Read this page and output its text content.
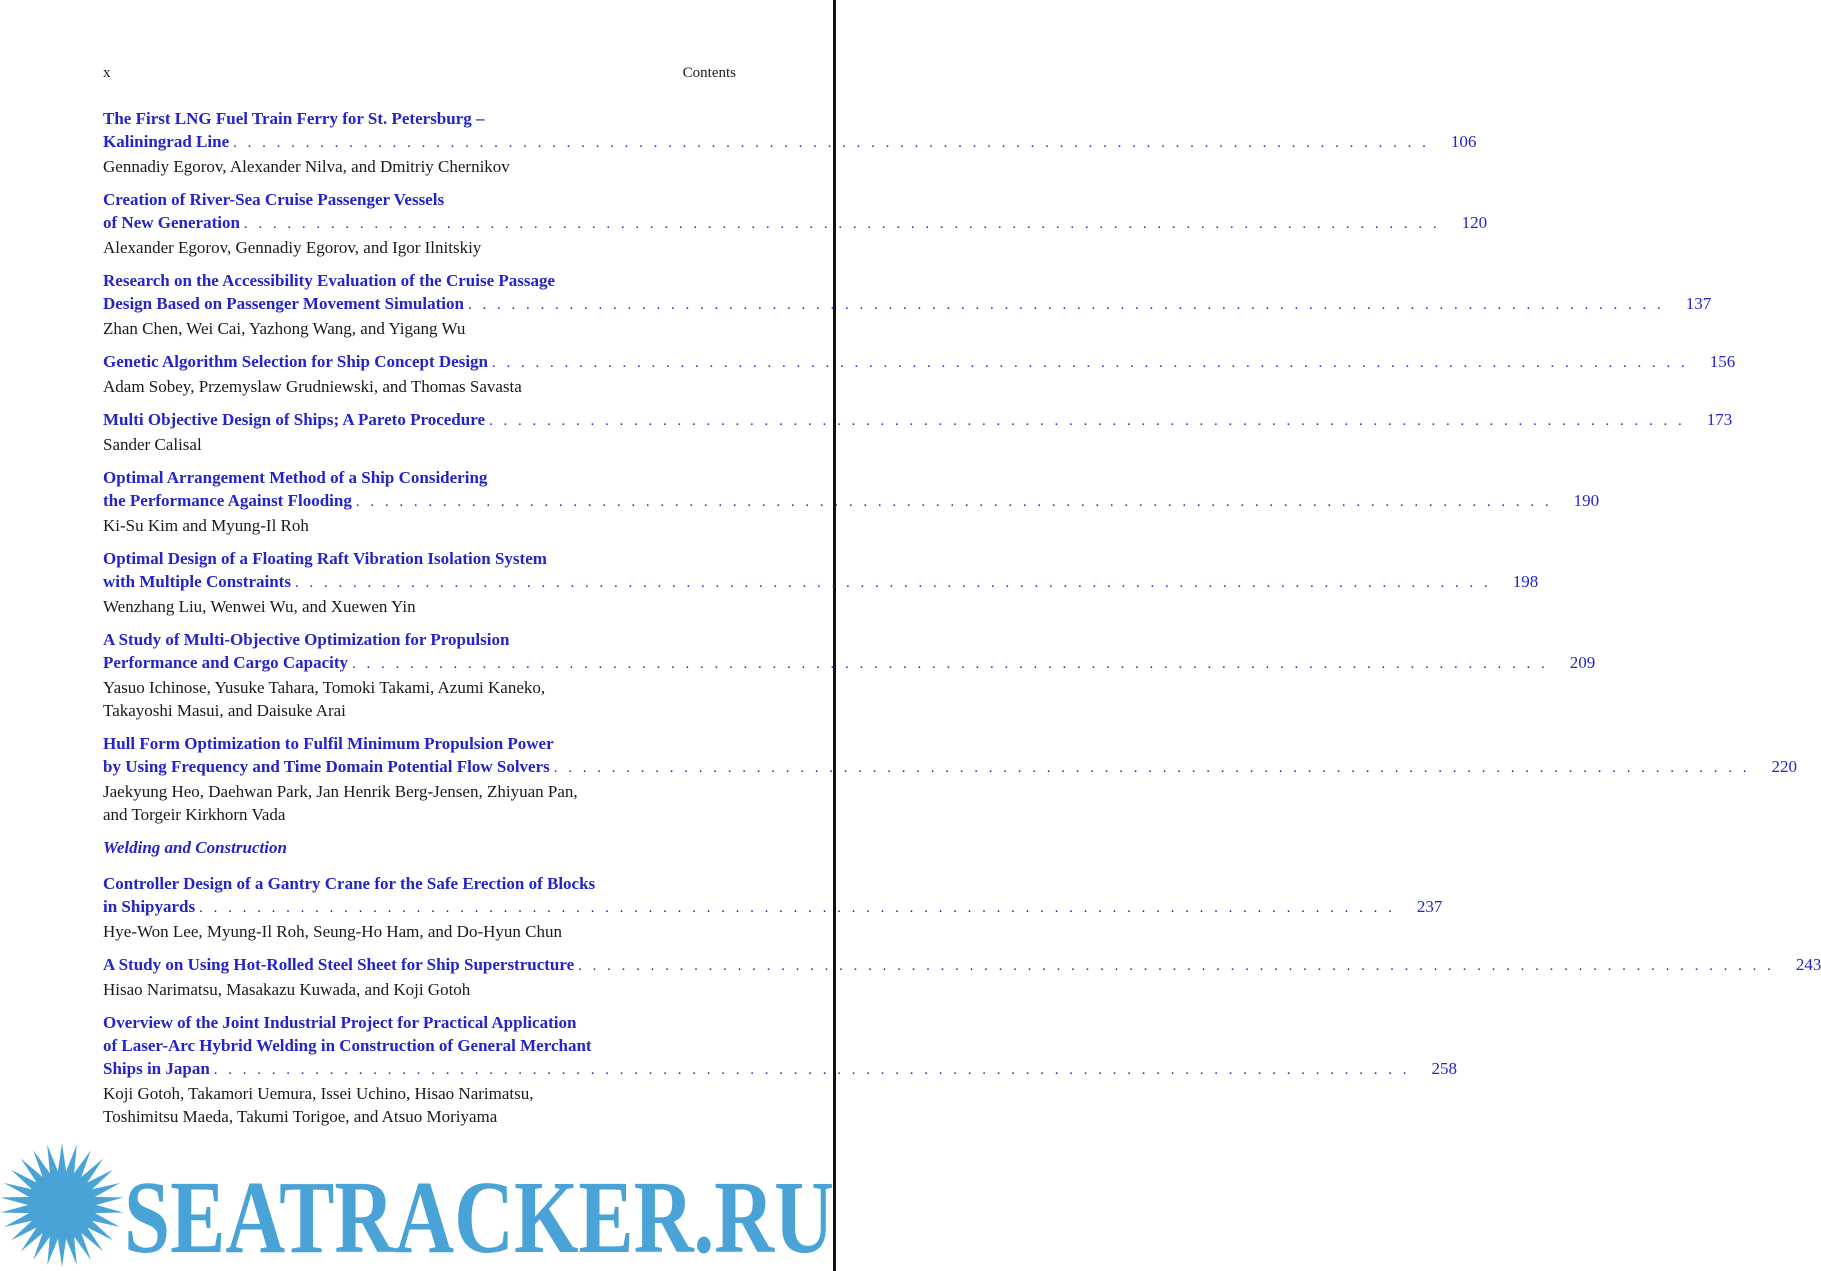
x	Contents
The First LNG Fuel Train Ferry for St. Petersburg –
Kaliningrad Line . . . . . . . . . . . . . . . . . . . . . . . . . . . . . . . . . . . . . . . . . . . . . . . . . . . . . . . . . . . . . . . . . . . . . . . . . . . . . . . . . . .	106
Gennadiy Egorov, Alexander Nilva, and Dmitriy Chernikov
Creation of River-Sea Cruise Passenger Vessels
of New Generation . . . . . . . . . . . . . . . . . . . . . . . . . . . . . . . . . . . . . . . . . . . . . . . . . . . . . . . . . . . . . . . . . . . . . . . . . . . . . . . . . . .	120
Alexander Egorov, Gennadiy Egorov, and Igor Ilnitskiy
Research on the Accessibility Evaluation of the Cruise Passage
Design Based on Passenger Movement Simulation . . . . . . . . . . . . . . . . . . . . . . . . . . . . . . . . . . . . . . . . . . . . . . . . . . . . . . . . . . . . . . . . . . . . . . . . . . . . . . . . . . .	137
Zhan Chen, Wei Cai, Yazhong Wang, and Yigang Wu
Genetic Algorithm Selection for Ship Concept Design . . . . . . . . . . . . . . . . . . . . . . . . . . . . . . . . . . . . . . . . . . . . . . . . . . . . . . . . . . . . . . . . . . . . . . . . . . . . . . . . . . .	156
Adam Sobey, Przemyslaw Grudniewski, and Thomas Savasta
Multi Objective Design of Ships; A Pareto Procedure . . . . . . . . . . . . . . . . . . . . . . . . . . . . . . . . . . . . . . . . . . . . . . . . . . . . . . . . . . . . . . . . . . . . . . . . . . . . . . . . . . .	173
Sander Calisal
Optimal Arrangement Method of a Ship Considering
the Performance Against Flooding . . . . . . . . . . . . . . . . . . . . . . . . . . . . . . . . . . . . . . . . . . . . . . . . . . . . . . . . . . . . . . . . . . . . . . . . . . . . . . . . . . .	190
Ki-Su Kim and Myung-Il Roh
Optimal Design of a Floating Raft Vibration Isolation System
with Multiple Constraints . . . . . . . . . . . . . . . . . . . . . . . . . . . . . . . . . . . . . . . . . . . . . . . . . . . . . . . . . . . . . . . . . . . . . . . . . . . . . . . . . . .	198
Wenzhang Liu, Wenwei Wu, and Xuewen Yin
A Study of Multi-Objective Optimization for Propulsion
Performance and Cargo Capacity . . . . . . . . . . . . . . . . . . . . . . . . . . . . . . . . . . . . . . . . . . . . . . . . . . . . . . . . . . . . . . . . . . . . . . . . . . . . . . . . . . .	209
Yasuo Ichinose, Yusuke Tahara, Tomoki Takami, Azumi Kaneko,
Takayoshi Masui, and Daisuke Arai
Hull Form Optimization to Fulfil Minimum Propulsion Power
by Using Frequency and Time Domain Potential Flow Solvers . . . . . . . . . . . . . . . . . . . . . . . . . . . . . . . . . . . . . . . . . . . . . . . . . . . . . . . . . . . . . . . . . . . . . . . . . . . . . . . . . . .	220
Jaekyung Heo, Daehwan Park, Jan Henrik Berg-Jensen, Zhiyuan Pan,
and Torgeir Kirkhorn Vada
Welding and Construction
Controller Design of a Gantry Crane for the Safe Erection of Blocks
in Shipyards . . . . . . . . . . . . . . . . . . . . . . . . . . . . . . . . . . . . . . . . . . . . . . . . . . . . . . . . . . . . . . . . . . . . . . . . . . . . . . . . . . .	237
Hye-Won Lee, Myung-Il Roh, Seung-Ho Ham, and Do-Hyun Chun
A Study on Using Hot-Rolled Steel Sheet for Ship Superstructure . . . . . . . . . . . . . . . . . . . . . . . . . . . . . . . . . . . . . . . . . . . . . . . . . . . . . . . . . . . . . . . . . . . . . . . . . . . . . . . . . . .	243
Hisao Narimatsu, Masakazu Kuwada, and Koji Gotoh
Overview of the Joint Industrial Project for Practical Application
of Laser-Arc Hybrid Welding in Construction of General Merchant
Ships in Japan . . . . . . . . . . . . . . . . . . . . . . . . . . . . . . . . . . . . . . . . . . . . . . . . . . . . . . . . . . . . . . . . . . . . . . . . . . . . . . . . . . .	258
Koji Gotoh, Takamori Uemura, Issei Uchino, Hisao Narimatsu,
Toshimitsu Maeda, Takumi Torigoe, and Atsuo Moriyama
SEATRACKER.RU
